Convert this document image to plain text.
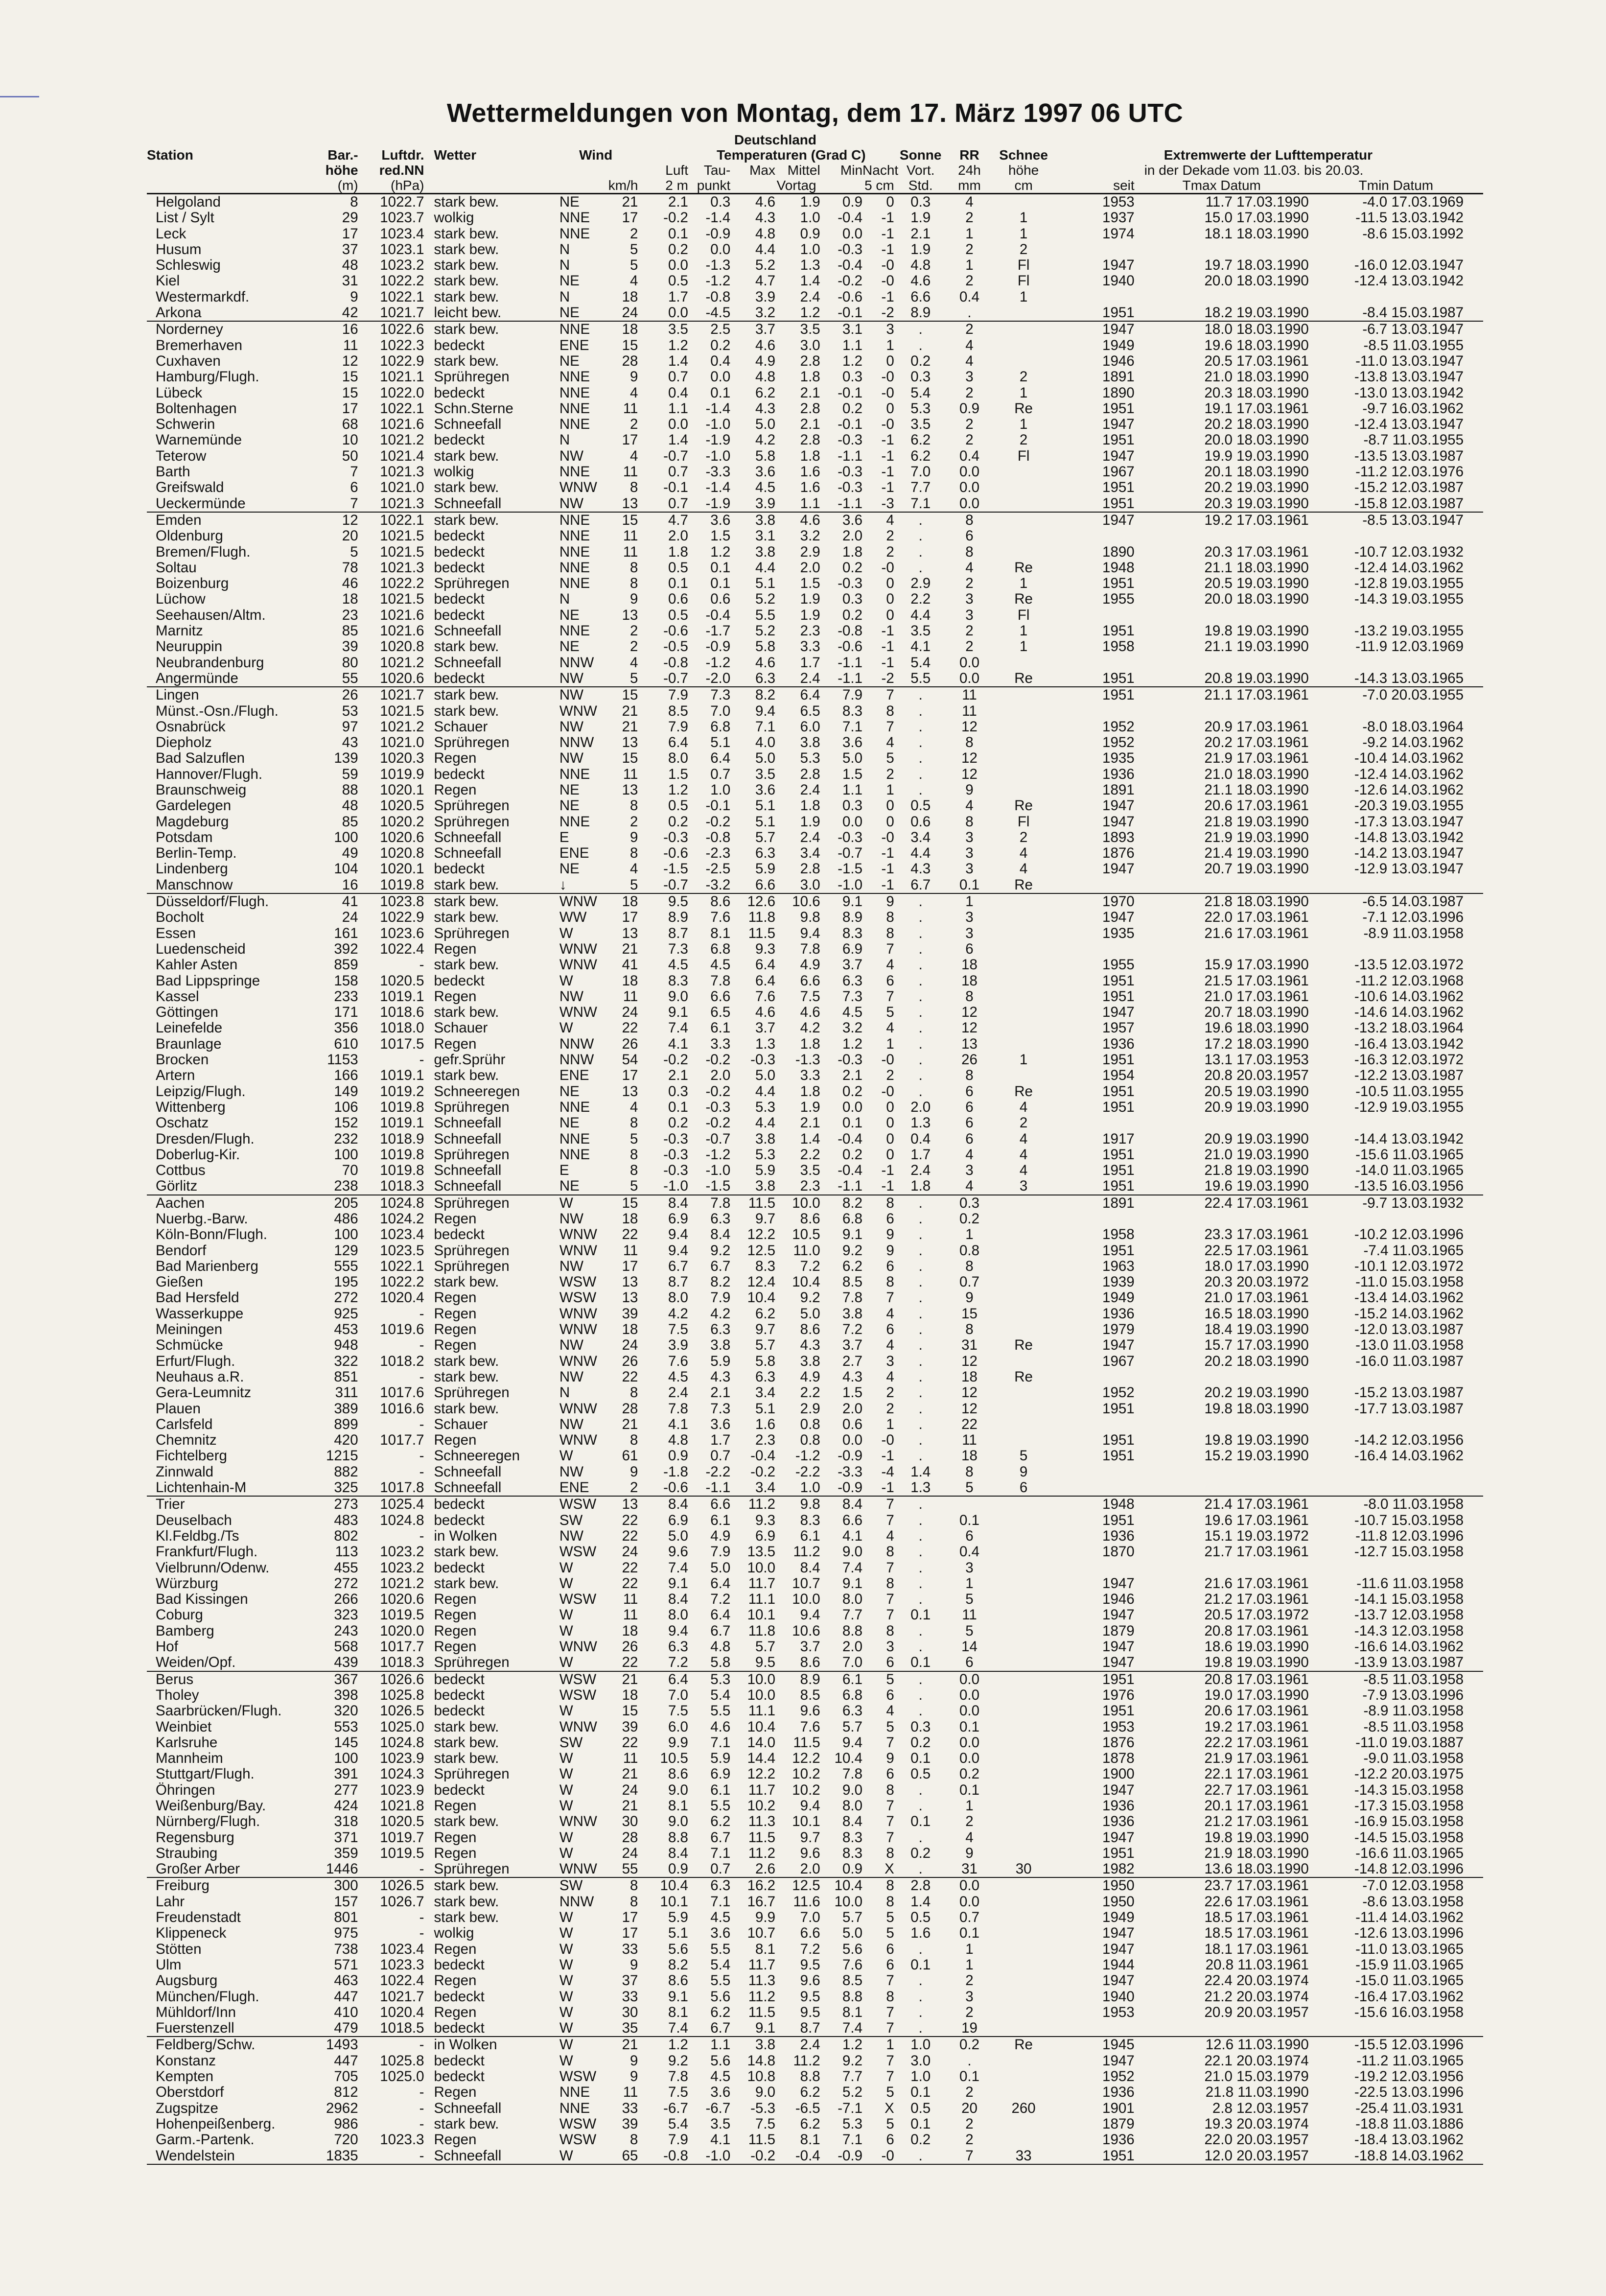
Wettermeldungen von Montag, dem 17. März 1997 06 UTC
							Deutschland										
Station	Bar.-	Luftdr.	Wetter	Wind			Temperaturen (Grad C)					Sonne	RR	Schnee		Extremwerte der Lufttemperatur	
	höhe	red.NN				Luft	Tau-	Max	Mittel	Min	Nacht	Vort.	24h	höhe		in der Dekade vom 11.03. bis 20.03.	
	(m)	(hPa)			km/h	2 m	punkt	Vortag			5 cm	Std.	mm	cm	seit	Tmax Datum	Tmin Datum
Helgoland	8	1022.7	stark bew.	NE	21	2.1	0.3	4.6	1.9	0.9	0	0.3	4		1953	11.7 17.03.1990	-4.0 17.03.1969
List / Sylt	29	1023.7	wolkig	NNE	17	-0.2	-1.4	4.3	1.0	-0.4	-1	1.9	2	1	1937	15.0 17.03.1990	-11.5 13.03.1942
Leck	17	1023.4	stark bew.	NNE	2	0.1	-0.9	4.8	0.9	0.0	-1	2.1	1	1	1974	18.1 18.03.1990	-8.6 15.03.1992
Husum	37	1023.1	stark bew.	N	5	0.2	0.0	4.4	1.0	-0.3	-1	1.9	2	2			
Schleswig	48	1023.2	stark bew.	N	5	0.0	-1.3	5.2	1.3	-0.4	-0	4.8	1	Fl	1947	19.7 18.03.1990	-16.0 12.03.1947
Kiel	31	1022.2	stark bew.	NE	4	0.5	-1.2	4.7	1.4	-0.2	-0	4.6	2	Fl	1940	20.0 18.03.1990	-12.4 13.03.1942
Westermarkdf.	9	1022.1	stark bew.	N	18	1.7	-0.8	3.9	2.4	-0.6	-1	6.6	0.4	1			
Arkona	42	1021.7	leicht bew.	NE	24	0.0	-4.5	3.2	1.2	-0.1	-2	8.9	.		1951	18.2 19.03.1990	-8.4 15.03.1987
Norderney	16	1022.6	stark bew.	NNE	18	3.5	2.5	3.7	3.5	3.1	3	.	2		1947	18.0 18.03.1990	-6.7 13.03.1947
Bremerhaven	11	1022.3	bedeckt	ENE	15	1.2	0.2	4.6	3.0	1.1	1	.	4		1949	19.6 18.03.1990	-8.5 11.03.1955
Cuxhaven	12	1022.9	stark bew.	NE	28	1.4	0.4	4.9	2.8	1.2	0	0.2	4		1946	20.5 17.03.1961	-11.0 13.03.1947
Hamburg/Flugh.	15	1021.1	Sprühregen	NNE	9	0.7	0.0	4.8	1.8	0.3	-0	0.3	3	2	1891	21.0 18.03.1990	-13.8 13.03.1947
Lübeck	15	1022.0	bedeckt	NNE	4	0.4	0.1	6.2	2.1	-0.1	-0	5.4	2	1	1890	20.3 18.03.1990	-13.0 13.03.1942
Boltenhagen	17	1022.1	Schn.Sterne	NNE	11	1.1	-1.4	4.3	2.8	0.2	0	5.3	0.9	Re	1951	19.1 17.03.1961	-9.7 16.03.1962
Schwerin	68	1021.6	Schneefall	NNE	2	0.0	-1.0	5.0	2.1	-0.1	-0	3.5	2	1	1947	20.2 18.03.1990	-12.4 13.03.1947
Warnemünde	10	1021.2	bedeckt	N	17	1.4	-1.9	4.2	2.8	-0.3	-1	6.2	2	2	1951	20.0 18.03.1990	-8.7 11.03.1955
Teterow	50	1021.4	stark bew.	NW	4	-0.7	-1.0	5.8	1.8	-1.1	-1	6.2	0.4	Fl	1947	19.9 19.03.1990	-13.5 13.03.1987
Barth	7	1021.3	wolkig	NNE	11	0.7	-3.3	3.6	1.6	-0.3	-1	7.0	0.0		1967	20.1 18.03.1990	-11.2 12.03.1976
Greifswald	6	1021.0	stark bew.	WNW	8	-0.1	-1.4	4.5	1.6	-0.3	-1	7.7	0.0		1951	20.2 19.03.1990	-15.2 12.03.1987
Ueckermünde	7	1021.3	Schneefall	NW	13	0.7	-1.9	3.9	1.1	-1.1	-3	7.1	0.0		1951	20.3 19.03.1990	-15.8 12.03.1987
Emden	12	1022.1	stark bew.	NNE	15	4.7	3.6	3.8	4.6	3.6	4	.	8		1947	19.2 17.03.1961	-8.5 13.03.1947
Oldenburg	20	1021.5	bedeckt	NNE	11	2.0	1.5	3.1	3.2	2.0	2	.	6				
Bremen/Flugh.	5	1021.5	bedeckt	NNE	11	1.8	1.2	3.8	2.9	1.8	2	.	8		1890	20.3 17.03.1961	-10.7 12.03.1932
Soltau	78	1021.3	bedeckt	NNE	8	0.5	0.1	4.4	2.0	0.2	-0	.	4	Re	1948	21.1 18.03.1990	-12.4 14.03.1962
Boizenburg	46	1022.2	Sprühregen	NNE	8	0.1	0.1	5.1	1.5	-0.3	0	2.9	2	1	1951	20.5 19.03.1990	-12.8 19.03.1955
Lüchow	18	1021.5	bedeckt	N	9	0.6	0.6	5.2	1.9	0.3	0	2.2	3	Re	1955	20.0 18.03.1990	-14.3 19.03.1955
Seehausen/Altm.	23	1021.6	bedeckt	NE	13	0.5	-0.4	5.5	1.9	0.2	0	4.4	3	Fl			
Marnitz	85	1021.6	Schneefall	NNE	2	-0.6	-1.7	5.2	2.3	-0.8	-1	3.5	2	1	1951	19.8 19.03.1990	-13.2 19.03.1955
Neuruppin	39	1020.8	stark bew.	NE	2	-0.5	-0.9	5.8	3.3	-0.6	-1	4.1	2	1	1958	21.1 19.03.1990	-11.9 12.03.1969
Neubrandenburg	80	1021.2	Schneefall	NNW	4	-0.8	-1.2	4.6	1.7	-1.1	-1	5.4	0.0				
Angermünde	55	1020.6	bedeckt	NW	5	-0.7	-2.0	6.3	2.4	-1.1	-2	5.5	0.0	Re	1951	20.8 19.03.1990	-14.3 13.03.1965
Lingen	26	1021.7	stark bew.	NW	15	7.9	7.3	8.2	6.4	7.9	7	.	11		1951	21.1 17.03.1961	-7.0 20.03.1955
Münst.-Osn./Flugh.	53	1021.5	stark bew.	WNW	21	8.5	7.0	9.4	6.5	8.3	8	.	11				
Osnabrück	97	1021.2	Schauer	NW	21	7.9	6.8	7.1	6.0	7.1	7	.	12		1952	20.9 17.03.1961	-8.0 18.03.1964
Diepholz	43	1021.0	Sprühregen	NNW	13	6.4	5.1	4.0	3.8	3.6	4	.	8		1952	20.2 17.03.1961	-9.2 14.03.1962
Bad Salzuflen	139	1020.3	Regen	NW	15	8.0	6.4	5.0	5.3	5.0	5	.	12		1935	21.9 17.03.1961	-10.4 14.03.1962
Hannover/Flugh.	59	1019.9	bedeckt	NNE	11	1.5	0.7	3.5	2.8	1.5	2	.	12		1936	21.0 18.03.1990	-12.4 14.03.1962
Braunschweig	88	1020.1	Regen	NE	13	1.2	1.0	3.6	2.4	1.1	1	.	9		1891	21.1 18.03.1990	-12.6 14.03.1962
Gardelegen	48	1020.5	Sprühregen	NE	8	0.5	-0.1	5.1	1.8	0.3	0	0.5	4	Re	1947	20.6 17.03.1961	-20.3 19.03.1955
Magdeburg	85	1020.2	Sprühregen	NNE	2	0.2	-0.2	5.1	1.9	0.0	0	0.6	8	Fl	1947	21.8 19.03.1990	-17.3 13.03.1947
Potsdam	100	1020.6	Schneefall	E	9	-0.3	-0.8	5.7	2.4	-0.3	-0	3.4	3	2	1893	21.9 19.03.1990	-14.8 13.03.1942
Berlin-Temp.	49	1020.8	Schneefall	ENE	8	-0.6	-2.3	6.3	3.4	-0.7	-1	4.4	3	4	1876	21.4 19.03.1990	-14.2 13.03.1947
Lindenberg	104	1020.1	bedeckt	NE	4	-1.5	-2.5	5.9	2.8	-1.5	-1	4.3	3	4	1947	20.7 19.03.1990	-12.9 13.03.1947
Manschnow	16	1019.8	stark bew.	↓	5	-0.7	-3.2	6.6	3.0	-1.0	-1	6.7	0.1	Re			
Düsseldorf/Flugh.	41	1023.8	stark bew.	WNW	18	9.5	8.6	12.6	10.6	9.1	9	.	1		1970	21.8 18.03.1990	-6.5 14.03.1987
Bocholt	24	1022.9	stark bew.	WW	17	8.9	7.6	11.8	9.8	8.9	8	.	3		1947	22.0 17.03.1961	-7.1 12.03.1996
Essen	161	1023.6	Sprühregen	W	13	8.7	8.1	11.5	9.4	8.3	8	.	3		1935	21.6 17.03.1961	-8.9 11.03.1958
Luedenscheid	392	1022.4	Regen	WNW	21	7.3	6.8	9.3	7.8	6.9	7	.	6				
Kahler Asten	859	-	stark bew.	WNW	41	4.5	4.5	6.4	4.9	3.7	4	.	18		1955	15.9 17.03.1990	-13.5 12.03.1972
Bad Lippspringe	158	1020.5	bedeckt	W	18	8.3	7.8	6.4	6.6	6.3	6	.	18		1951	21.5 17.03.1961	-11.2 12.03.1968
Kassel	233	1019.1	Regen	NW	11	9.0	6.6	7.6	7.5	7.3	7	.	8		1951	21.0 17.03.1961	-10.6 14.03.1962
Göttingen	171	1018.6	stark bew.	WNW	24	9.1	6.5	4.6	4.6	4.5	5	.	12		1947	20.7 18.03.1990	-14.6 14.03.1962
Leinefelde	356	1018.0	Schauer	W	22	7.4	6.1	3.7	4.2	3.2	4	.	12		1957	19.6 18.03.1990	-13.2 18.03.1964
Braunlage	610	1017.5	Regen	NNW	26	4.1	3.3	1.3	1.8	1.2	1	.	13		1936	17.2 18.03.1990	-16.4 13.03.1942
Brocken	1153	-	gefr.Sprühr	NNW	54	-0.2	-0.2	-0.3	-1.3	-0.3	-0	.	26	1	1951	13.1 17.03.1953	-16.3 12.03.1972
Artern	166	1019.1	stark bew.	ENE	17	2.1	2.0	5.0	3.3	2.1	2	.	8		1954	20.8 20.03.1957	-12.2 13.03.1987
Leipzig/Flugh.	149	1019.2	Schneeregen	NE	13	0.3	-0.2	4.4	1.8	0.2	-0	.	6	Re	1951	20.5 19.03.1990	-10.5 11.03.1955
Wittenberg	106	1019.8	Sprühregen	NNE	4	0.1	-0.3	5.3	1.9	0.0	0	2.0	6	4	1951	20.9 19.03.1990	-12.9 19.03.1955
Oschatz	152	1019.1	Schneefall	NE	8	0.2	-0.2	4.4	2.1	0.1	0	1.3	6	2			
Dresden/Flugh.	232	1018.9	Schneefall	NNE	5	-0.3	-0.7	3.8	1.4	-0.4	0	0.4	6	4	1917	20.9 19.03.1990	-14.4 13.03.1942
Doberlug-Kir.	100	1019.8	Sprühregen	NNE	8	-0.3	-1.2	5.3	2.2	0.2	0	1.7	4	4	1951	21.0 19.03.1990	-15.6 11.03.1965
Cottbus	70	1019.8	Schneefall	E	8	-0.3	-1.0	5.9	3.5	-0.4	-1	2.4	3	4	1951	21.8 19.03.1990	-14.0 11.03.1965
Görlitz	238	1018.3	Schneefall	NE	5	-1.0	-1.5	3.8	2.3	-1.1	-1	1.8	4	3	1951	19.6 19.03.1990	-13.5 16.03.1956
Aachen	205	1024.8	Sprühregen	W	15	8.4	7.8	11.5	10.0	8.2	8	.	0.3		1891	22.4 17.03.1961	-9.7 13.03.1932
Nuerbg.-Barw.	486	1024.2	Regen	NW	18	6.9	6.3	9.7	8.6	6.8	6	.	0.2				
Köln-Bonn/Flugh.	100	1023.4	bedeckt	WNW	22	9.4	8.4	12.2	10.5	9.1	9	.	1		1958	23.3 17.03.1961	-10.2 12.03.1996
Bendorf	129	1023.5	Sprühregen	WNW	11	9.4	9.2	12.5	11.0	9.2	9	.	0.8		1951	22.5 17.03.1961	-7.4 11.03.1965
Bad Marienberg	555	1022.1	Sprühregen	NW	17	6.7	6.7	8.3	7.2	6.2	6	.	8		1963	18.0 17.03.1990	-10.1 12.03.1972
Gießen	195	1022.2	stark bew.	WSW	13	8.7	8.2	12.4	10.4	8.5	8	.	0.7		1939	20.3 20.03.1972	-11.0 15.03.1958
Bad Hersfeld	272	1020.4	Regen	WSW	13	8.0	7.9	10.4	9.2	7.8	7	.	9		1949	21.0 17.03.1961	-13.4 14.03.1962
Wasserkuppe	925	-	Regen	WNW	39	4.2	4.2	6.2	5.0	3.8	4	.	15		1936	16.5 18.03.1990	-15.2 14.03.1962
Meiningen	453	1019.6	Regen	WNW	18	7.5	6.3	9.7	8.6	7.2	6	.	8		1979	18.4 19.03.1990	-12.0 13.03.1987
Schmücke	948	-	Regen	NW	24	3.9	3.8	5.7	4.3	3.7	4	.	31	Re	1947	15.7 17.03.1990	-13.0 11.03.1958
Erfurt/Flugh.	322	1018.2	stark bew.	WNW	26	7.6	5.9	5.8	3.8	2.7	3	.	12		1967	20.2 18.03.1990	-16.0 11.03.1987
Neuhaus a.R.	851	-	stark bew.	NW	22	4.5	4.3	6.3	4.9	4.3	4	.	18	Re			
Gera-Leumnitz	311	1017.6	Sprühregen	N	8	2.4	2.1	3.4	2.2	1.5	2	.	12		1952	20.2 19.03.1990	-15.2 13.03.1987
Plauen	389	1016.6	stark bew.	WNW	28	7.8	7.3	5.1	2.9	2.0	2	.	12		1951	19.8 18.03.1990	-17.7 13.03.1987
Carlsfeld	899	-	Schauer	NW	21	4.1	3.6	1.6	0.8	0.6	1	.	22				
Chemnitz	420	1017.7	Regen	WNW	8	4.8	1.7	2.3	0.8	0.0	-0	.	11		1951	19.8 19.03.1990	-14.2 12.03.1956
Fichtelberg	1215	-	Schneeregen	W	61	0.9	0.7	-0.4	-1.2	-0.9	-1	.	18	5	1951	15.2 19.03.1990	-16.4 14.03.1962
Zinnwald	882	-	Schneefall	NW	9	-1.8	-2.2	-0.2	-2.2	-3.3	-4	1.4	8	9			
Lichtenhain-M	325	1017.8	Schneefall	ENE	2	-0.6	-1.1	3.4	1.0	-0.9	-1	1.3	5	6			
Trier	273	1025.4	bedeckt	WSW	13	8.4	6.6	11.2	9.8	8.4	7	.			1948	21.4 17.03.1961	-8.0 11.03.1958
Deuselbach	483	1024.8	bedeckt	SW	22	6.9	6.1	9.3	8.3	6.6	7	.	0.1		1951	19.6 17.03.1961	-10.7 15.03.1958
Kl.Feldbg./Ts	802	-	in Wolken	NW	22	5.0	4.9	6.9	6.1	4.1	4	.	6		1936	15.1 19.03.1972	-11.8 12.03.1996
Frankfurt/Flugh.	113	1023.2	stark bew.	WSW	24	9.6	7.9	13.5	11.2	9.0	8	.	0.4		1870	21.7 17.03.1961	-12.7 15.03.1958
Vielbrunn/Odenw.	455	1023.2	bedeckt	W	22	7.4	5.0	10.0	8.4	7.4	7	.	3				
Würzburg	272	1021.2	stark bew.	W	22	9.1	6.4	11.7	10.7	9.1	8	.	1		1947	21.6 17.03.1961	-11.6 11.03.1958
Bad Kissingen	266	1020.6	Regen	WSW	11	8.4	7.2	11.1	10.0	8.0	7	.	5		1946	21.2 17.03.1961	-14.1 15.03.1958
Coburg	323	1019.5	Regen	W	11	8.0	6.4	10.1	9.4	7.7	7	0.1	11		1947	20.5 17.03.1972	-13.7 12.03.1958
Bamberg	243	1020.0	Regen	W	18	9.4	6.7	11.8	10.6	8.8	8	.	5		1879	20.8 17.03.1961	-14.3 12.03.1958
Hof	568	1017.7	Regen	WNW	26	6.3	4.8	5.7	3.7	2.0	3	.	14		1947	18.6 19.03.1990	-16.6 14.03.1962
Weiden/Opf.	439	1018.3	Sprühregen	W	22	7.2	5.8	9.5	8.6	7.0	6	0.1	6		1947	19.8 19.03.1990	-13.9 13.03.1987
Berus	367	1026.6	bedeckt	WSW	21	6.4	5.3	10.0	8.9	6.1	5	.	0.0		1951	20.8 17.03.1961	-8.5 11.03.1958
Tholey	398	1025.8	bedeckt	WSW	18	7.0	5.4	10.0	8.5	6.8	6	.	0.0		1976	19.0 17.03.1990	-7.9 13.03.1996
Saarbrücken/Flugh.	320	1026.5	bedeckt	W	15	7.5	5.5	11.1	9.6	6.3	4	.	0.0		1951	20.6 17.03.1961	-8.9 11.03.1958
Weinbiet	553	1025.0	stark bew.	WNW	39	6.0	4.6	10.4	7.6	5.7	5	0.3	0.1		1953	19.2 17.03.1961	-8.5 11.03.1958
Karlsruhe	145	1024.8	stark bew.	SW	22	9.9	7.1	14.0	11.5	9.4	7	0.2	0.0		1876	22.2 17.03.1961	-11.0 19.03.1887
Mannheim	100	1023.9	stark bew.	W	11	10.5	5.9	14.4	12.2	10.4	9	0.1	0.0		1878	21.9 17.03.1961	-9.0 11.03.1958
Stuttgart/Flugh.	391	1024.3	Sprühregen	W	21	8.6	6.9	12.2	10.2	7.8	6	0.5	0.2		1900	22.1 17.03.1961	-12.2 20.03.1975
Öhringen	277	1023.9	bedeckt	W	24	9.0	6.1	11.7	10.2	9.0	8	.	0.1		1947	22.7 17.03.1961	-14.3 15.03.1958
Weißenburg/Bay.	424	1021.8	Regen	W	21	8.1	5.5	10.2	9.4	8.0	7	.	1		1936	20.1 17.03.1961	-17.3 15.03.1958
Nürnberg/Flugh.	318	1020.5	stark bew.	WNW	30	9.0	6.2	11.3	10.1	8.4	7	0.1	2		1936	21.2 17.03.1961	-16.9 15.03.1958
Regensburg	371	1019.7	Regen	W	28	8.8	6.7	11.5	9.7	8.3	7	.	4		1947	19.8 19.03.1990	-14.5 15.03.1958
Straubing	359	1019.5	Regen	W	24	8.4	7.1	11.2	9.6	8.3	8	0.2	9		1951	21.9 18.03.1990	-16.6 11.03.1965
Großer Arber	1446	-	Sprühregen	WNW	55	0.9	0.7	2.6	2.0	0.9	X	.	31	30	1982	13.6 18.03.1990	-14.8 12.03.1996
Freiburg	300	1026.5	stark bew.	SW	8	10.4	6.3	16.2	12.5	10.4	8	2.8	0.0		1950	23.7 17.03.1961	-7.0 12.03.1958
Lahr	157	1026.7	stark bew.	NNW	8	10.1	7.1	16.7	11.6	10.0	8	1.4	0.0		1950	22.6 17.03.1961	-8.6 13.03.1958
Freudenstadt	801	-	stark bew.	W	17	5.9	4.5	9.9	7.0	5.7	5	0.5	0.7		1949	18.5 17.03.1961	-11.4 14.03.1962
Klippeneck	975	-	wolkig	W	17	5.1	3.6	10.7	6.6	5.0	5	1.6	0.1		1947	18.5 17.03.1961	-12.6 13.03.1996
Stötten	738	1023.4	Regen	W	33	5.6	5.5	8.1	7.2	5.6	6	.	1		1947	18.1 17.03.1961	-11.0 13.03.1965
Ulm	571	1023.3	bedeckt	W	9	8.2	5.4	11.7	9.5	7.6	6	0.1	1		1944	20.8 11.03.1961	-15.9 11.03.1965
Augsburg	463	1022.4	Regen	W	37	8.6	5.5	11.3	9.6	8.5	7	.	2		1947	22.4 20.03.1974	-15.0 11.03.1965
München/Flugh.	447	1021.7	bedeckt	W	33	9.1	5.6	11.2	9.5	8.8	8	.	3		1940	21.2 20.03.1974	-16.4 17.03.1962
Mühldorf/Inn	410	1020.4	Regen	W	30	8.1	6.2	11.5	9.5	8.1	7	.	2		1953	20.9 20.03.1957	-15.6 16.03.1958
Fuerstenzell	479	1018.5	bedeckt	W	35	7.4	6.7	9.1	8.7	7.4	7	.	19				
Feldberg/Schw.	1493	-	in Wolken	W	21	1.2	1.1	3.8	2.4	1.2	1	1.0	0.2	Re	1945	12.6 11.03.1990	-15.5 12.03.1996
Konstanz	447	1025.8	bedeckt	W	9	9.2	5.6	14.8	11.2	9.2	7	3.0	.		1947	22.1 20.03.1974	-11.2 11.03.1965
Kempten	705	1025.0	bedeckt	WSW	9	7.8	4.5	10.8	8.8	7.7	7	1.0	0.1		1952	21.0 15.03.1979	-19.2 12.03.1956
Oberstdorf	812	-	Regen	NNE	11	7.5	3.6	9.0	6.2	5.2	5	0.1	2		1936	21.8 11.03.1990	-22.5 13.03.1996
Zugspitze	2962	-	Schneefall	NNE	33	-6.7	-6.7	-5.3	-6.5	-7.1	X	0.5	20	260	1901	2.8 12.03.1957	-25.4 11.03.1931
Hohenpeißenberg.	986	-	stark bew.	WSW	39	5.4	3.5	7.5	6.2	5.3	5	0.1	2		1879	19.3 20.03.1974	-18.8 11.03.1886
Garm.-Partenk.	720	1023.3	Regen	WSW	8	7.9	4.1	11.5	8.1	7.1	6	0.2	2		1936	22.0 20.03.1957	-18.4 13.03.1962
Wendelstein	1835	-	Schneefall	W	65	-0.8	-1.0	-0.2	-0.4	-0.9	-0	.	7	33	1951	12.0 20.03.1957	-18.8 14.03.1962
